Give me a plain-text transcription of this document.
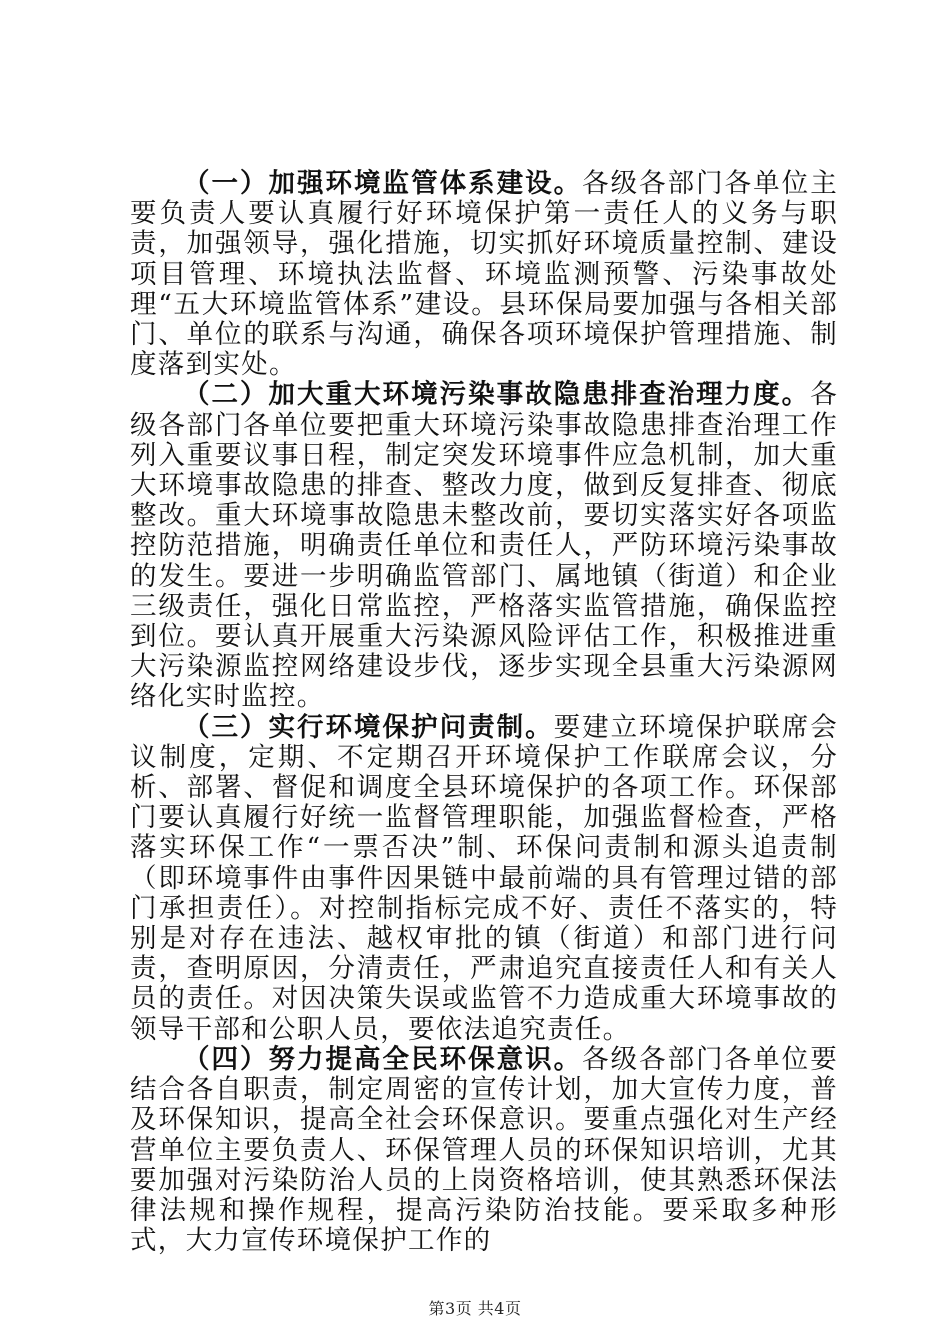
（一）加强环境监管体系建设。各级各部门各单位主要负责人要认真履行好环境保护第一责任人的义务与职责，加强领导，强化措施，切实抓好环境质量控制、建设项目管理、环境执法监督、环境监测预警、污染事故处理“五大环境监管体系”建设。县环保局要加强与各相关部门、单位的联系与沟通，确保各项环境保护管理措施、制度落到实处。

（二）加大重大环境污染事故隐患排查治理力度。各级各部门各单位要把重大环境污染事故隐患排查治理工作列入重要议事日程，制定突发环境事件应急机制，加大重大环境事故隐患的排查、整改力度，做到反复排查、彻底整改。重大环境事故隐患未整改前，要切实落实好各项监控防范措施，明确责任单位和责任人，严防环境污染事故的发生。要进一步明确监管部门、属地镇（街道）和企业三级责任，强化日常监控，严格落实监管措施，确保监控到位。要认真开展重大污染源风险评估工作，积极推进重大污染源监控网络建设步伐，逐步实现全县重大污染源网络化实时监控。

（三）实行环境保护问责制。要建立环境保护联席会议制度，定期、不定期召开环境保护工作联席会议，分析、部署、督促和调度全县环境保护的各项工作。环保部门要认真履行好统一监督管理职能，加强监督检查，严格落实环保工作“一票否决”制、环保问责制和源头追责制（即环境事件由事件因果链中最前端的具有管理过错的部门承担责任）。对控制指标完成不好、责任不落实的，特别是对存在违法、越权审批的镇（街道）和部门进行问责，查明原因，分清责任，严肃追究直接责任人和有关人员的责任。对因决策失误或监管不力造成重大环境事故的领导干部和公职人员，要依法追究责任。

（四）努力提高全民环保意识。各级各部门各单位要结合各自职责，制定周密的宣传计划，加大宣传力度，普及环保知识，提高全社会环保意识。要重点强化对生产经营单位主要负责人、环保管理人员的环保知识培训，尤其要加强对污染防治人员的上岗资格培训，使其熟悉环保法律法规和操作规程，提高污染防治技能。要采取多种形式，大力宣传环境保护工作的

第3页 共4页
